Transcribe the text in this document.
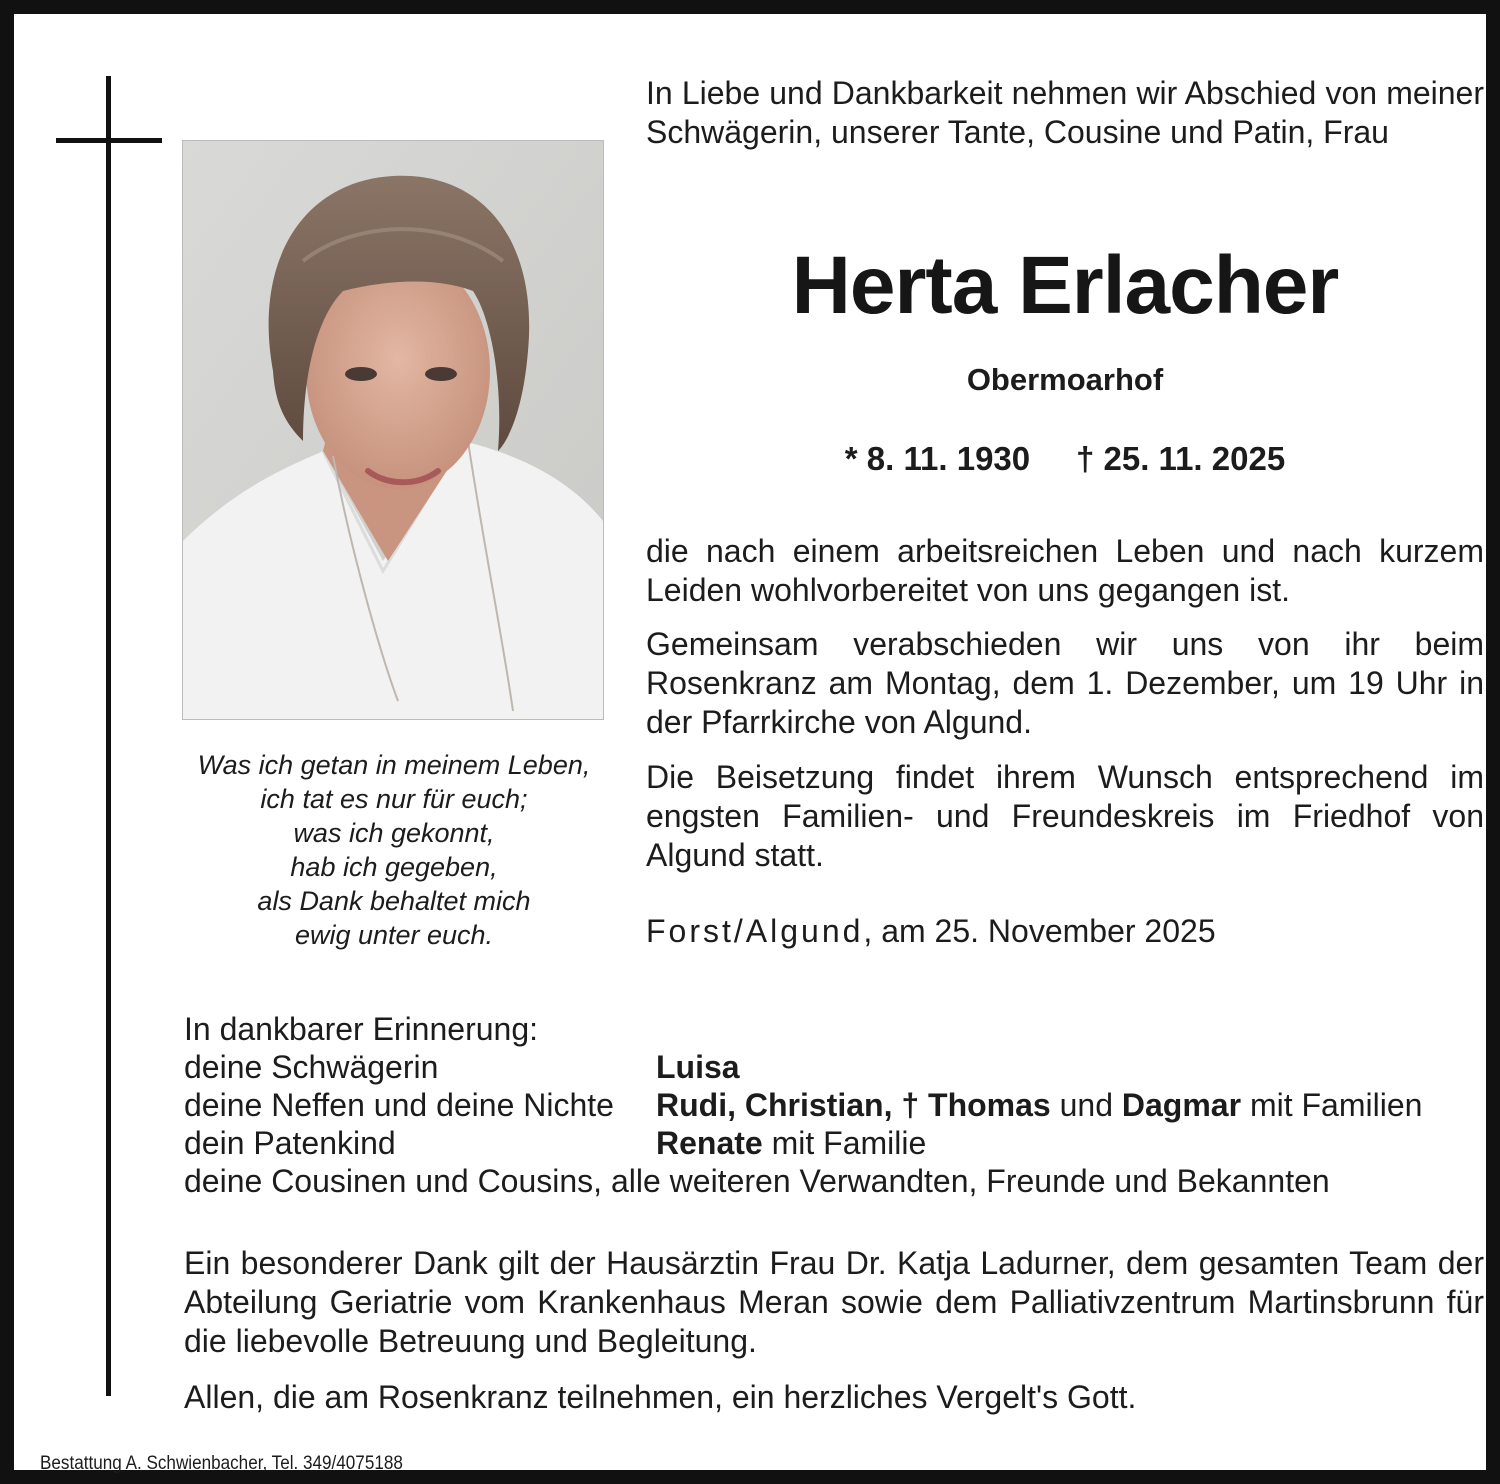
Was ich getan in meinem Leben,
ich tat es nur für euch;
was ich gekonnt,
hab ich gegeben,
als Dank behaltet mich
ewig unter euch.
In Liebe und Dankbarkeit nehmen wir Abschied von meiner Schwägerin, unserer Tante, Cousine und Patin, Frau
Herta Erlacher
Obermoarhof
* 8. 11. 1930 † 25. 11. 2025
die nach einem arbeitsreichen Leben und nach kurzem Leiden wohlvorbereitet von uns gegangen ist.
Gemeinsam verabschieden wir uns von ihr beim Rosenkranz am Montag, dem 1. Dezember, um 19 Uhr in der Pfarrkirche von Algund.
Die Beisetzung findet ihrem Wunsch entsprechend im engsten Familien- und Freundeskreis im Friedhof von Algund statt.
Forst/Algund, am 25. November 2025
In dankbarer Erinnerung:
deine Schwägerin	Luisa
deine Neffen und deine Nichte Rudi, Christian, † Thomas und Dagmar mit Familien
dein Patenkind	Renate mit Familie
deine Cousinen und Cousins, alle weiteren Verwandten, Freunde und Bekannten
Ein besonderer Dank gilt der Hausärztin Frau Dr. Katja Ladurner, dem gesamten Team der Abteilung Geriatrie vom Krankenhaus Meran sowie dem Palliativzentrum Martinsbrunn für die liebevolle Betreuung und Begleitung.
Allen, die am Rosenkranz teilnehmen, ein herzliches Vergelt's Gott.
Bestattung A. Schwienbacher, Tel. 349/4075188
